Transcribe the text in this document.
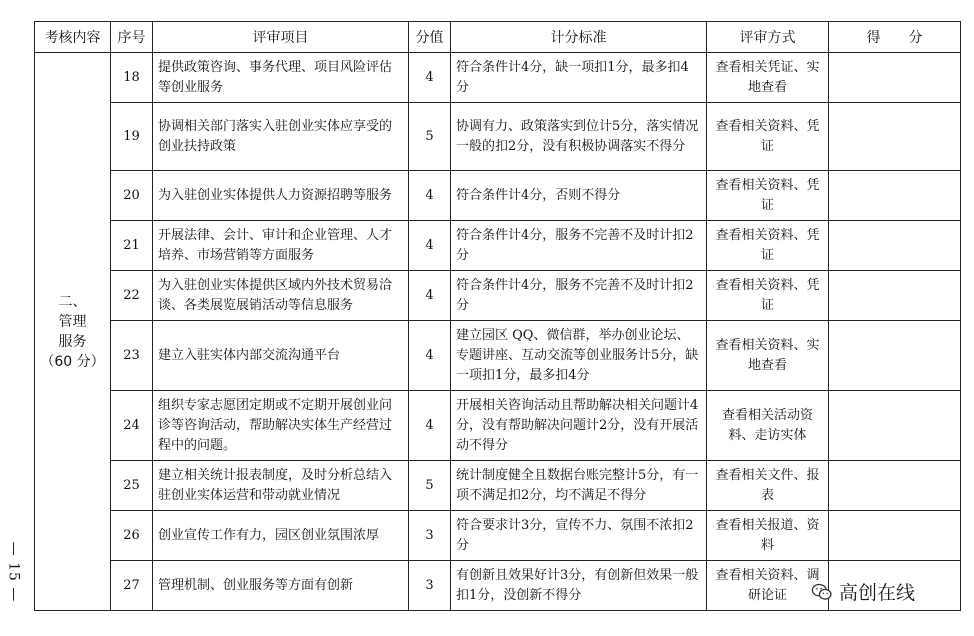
— 15 —
考核内容	序号	评审项目	分值	计分标准	评审方式	得　　分

二、
管理
服务
（60 分）	18	提供政策咨询、事务代理、项目风险评估等创业服务	4	符合条件计4分，缺一项扣1分，最多扣4分	查看相关凭证、实地查看	
	19	协调相关部门落实入驻创业实体应享受的创业扶持政策	5	协调有力、政策落实到位计5分，落实情况一般的扣2分，没有积极协调落实不得分	查看相关资料、凭证	
	20	为入驻创业实体提供人力资源招聘等服务	4	符合条件计4分，否则不得分	查看相关资料、凭证	
	21	开展法律、会计、审计和企业管理、人才培养、市场营销等方面服务	4	符合条件计4分，服务不完善不及时计扣2分	查看相关资料、凭证	
	22	为入驻创业实体提供区域内外技术贸易洽谈、各类展览展销活动等信息服务	4	符合条件计4分，服务不完善不及时计扣2分	查看相关资料、凭证	
	23	建立入驻实体内部交流沟通平台	4	建立园区 QQ、微信群，举办创业论坛、专题讲座、互动交流等创业服务计5分，缺一项扣1分，最多扣4分	查看相关资料、实地查看	
	24	组织专家志愿团定期或不定期开展创业问诊等咨询活动，帮助解决实体生产经营过程中的问题。	4	开展相关咨询活动且帮助解决相关问题计4分，没有帮助解决问题计2分，没有开展活动不得分	查看相关活动资料、走访实体	
	25	建立相关统计报表制度，及时分析总结入驻创业实体运营和带动就业情况	5	统计制度健全且数据台账完整计5分，有一项不满足扣2分，均不满足不得分	查看相关文件、报表	
	26	创业宣传工作有力，园区创业氛围浓厚	3	符合要求计3分，宣传不力、氛围不浓扣2分	查看相关报道、资料	
	27	管理机制、创业服务等方面有创新	3	有创新且效果好计3分，有创新但效果一般扣1分，没创新不得分	查看相关资料、调研论证		高创在线
